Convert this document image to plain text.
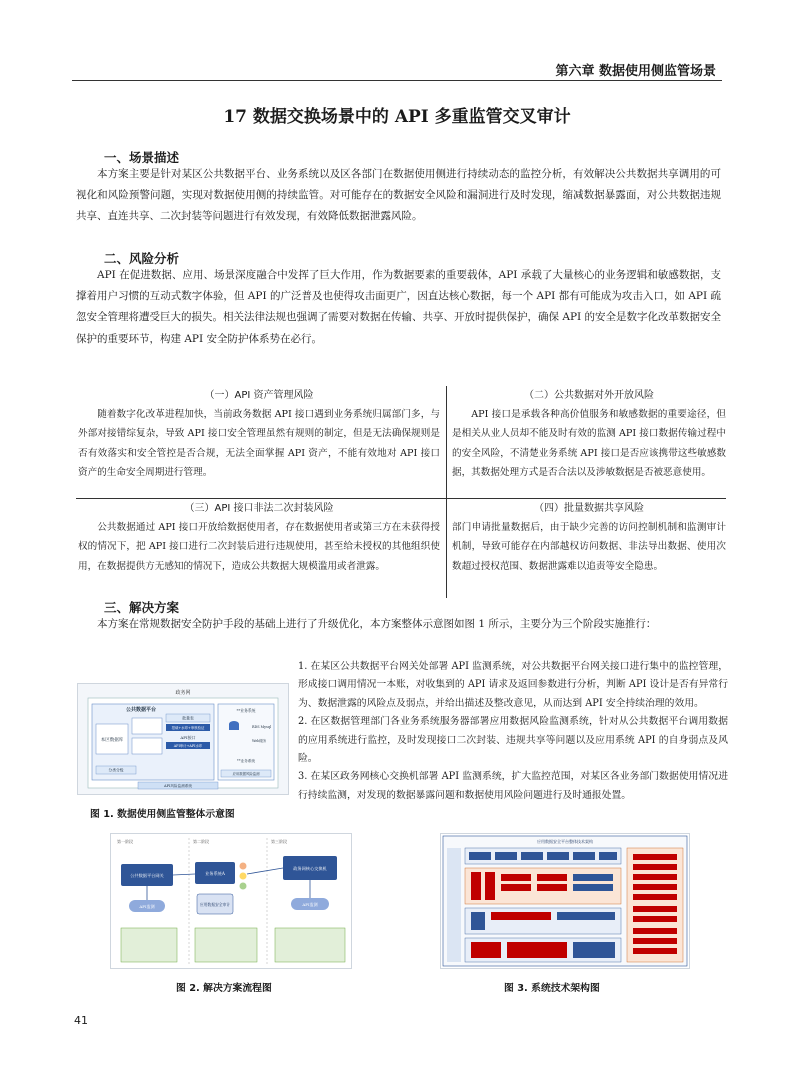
第六章 数据使用侧监管场景
17 数据交换场景中的 API 多重监管交叉审计
一、场景描述

本方案主要是针对某区公共数据平台、业务系统以及区各部门在数据使用侧进行持续动态的监控分析，有效解决公共数据共享调用的可视化和风险预警问题，实现对数据使用侧的持续监管。对可能存在的数据安全风险和漏洞进行及时发现，缩减数据暴露面，对公共数据违规共享、直连共享、二次封装等问题进行有效发现，有效降低数据泄露风险。

二、风险分析

API 在促进数据、应用、场景深度融合中发挥了巨大作用，作为数据要素的重要载体，API 承载了大量核心的业务逻辑和敏感数据，支撑着用户习惯的互动式数字体验，但 API 的广泛普及也使得攻击面更广，因直达核心数据，每一个 API 都有可能成为攻击入口，如 API 疏忽安全管理将遭受巨大的损失。相关法律法规也强调了需要对数据在传输、共享、开放时提供保护，确保 API 的安全是数字化改革数据安全保护的重要环节，构建 API 安全防护体系势在必行。

（一）API 资产管理风险

随着数字化改革进程加快，当前政务数据 API 接口遇到业务系统归属部门多，与外部对接错综复杂，导致 API 接口安全管理虽然有规则的制定，但是无法确保规则是否有效落实和安全管控是否合规，无法全面掌握 API 资产，不能有效地对 API 接口资产的生命安全周期进行管理。

（二）公共数据对外开放风险

API 接口是承载各种高价值服务和敏感数据的重要途径，但是相关从业人员却不能及时有效的监测 API 接口数据传输过程中的安全风险，不清楚业务系统 API 接口是否应该携带这些敏感数据，其数据处理方式是否合法以及涉敏数据是否被恶意使用。

（三）API 接口非法二次封装风险

公共数据通过 API 接口开放给数据使用者，存在数据使用者或第三方在未获得授权的情况下，把 API 接口进行二次封装后进行违规使用，甚至给未授权的其他组织使用，在数据提供方无感知的情况下，造成公共数据大规模滥用或者泄露。

（四）批量数据共享风险

部门申请批量数据后，由于缺少完善的访问控制机制和监测审计机制，导致可能存在内部越权访问数据、非法导出数据、使用次数超过授权范围、数据泄露难以追责等安全隐患。

三、解决方案

本方案在常规数据安全防护手段的基础上进行了升级优化，本方案整体示意图如图 1 所示，主要分为三个阶段实施推行：

政务网
公共数据平台
本区数据库
批量表
搭载+水印+审核验证
API接口
API审计+API水印
分类分级
**业务系统
RDS Mysql
Web服务
**业务系统
应用数据风险监测
API风险监测系统
图 1. 数据使用侧监管整体示意图

1. 在某区公共数据平台网关处部署 API 监测系统，对公共数据平台网关接口进行集中的监控管理，形成接口调用情况一本账，对收集到的 API 请求及返回参数进行分析，判断 API 设计是否有异常行为、数据泄露的风险点及弱点，并给出描述及整改意见，从而达到 API 安全持续治理的效用。

2. 在区数据管理部门各业务系统服务器部署应用数据风险监测系统，针对从公共数据平台调用数据的应用系统进行监控，及时发现接口二次封装、违规共享等问题以及应用系统 API 的自身弱点及风险。

3. 在某区政务网核心交换机部署 API 监测系统，扩大监控范围，对某区各业务部门数据使用情况进行持续监测，对发现的数据暴露问题和数据使用风险问题进行及时通报处置。

第一阶段	第二阶段	第三阶段
公共数据平台网关
API监测
业务系统A
应用数据安全审计
政务网核心交换机
API监测
图 2. 解决方案流程图
应用数据安全平台整体技术架构
图 3. 系统技术架构图
41
